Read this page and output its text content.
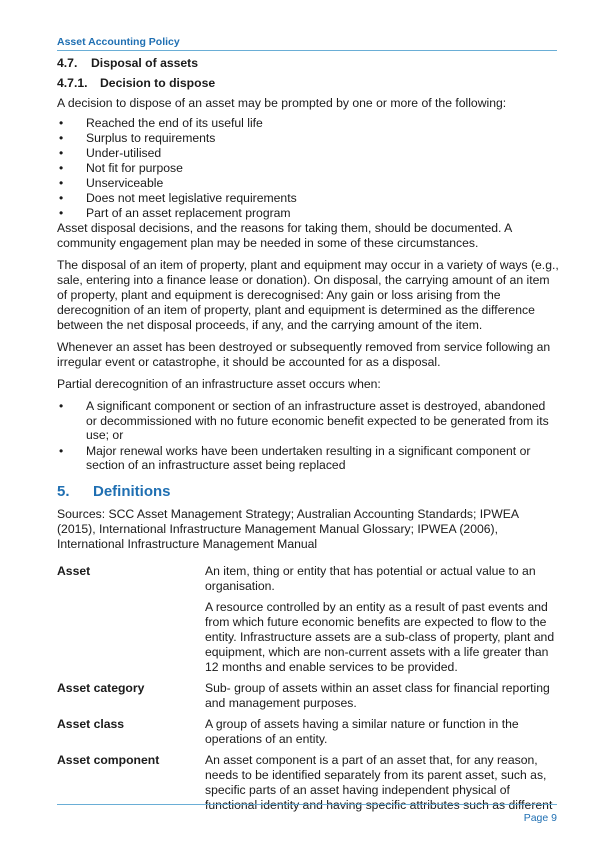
Asset Accounting Policy
4.7. Disposal of assets
4.7.1. Decision to dispose

A decision to dispose of an asset may be prompted by one or more of the following:

• Reached the end of its useful life
• Surplus to requirements
• Under-utilised
• Not fit for purpose
• Unserviceable
• Does not meet legislative requirements
• Part of an asset replacement program

Asset disposal decisions, and the reasons for taking them, should be documented. A community engagement plan may be needed in some of these circumstances.

The disposal of an item of property, plant and equipment may occur in a variety of ways (e.g., sale, entering into a finance lease or donation). On disposal, the carrying amount of an item of property, plant and equipment is derecognised: Any gain or loss arising from the derecognition of an item of property, plant and equipment is determined as the difference between the net disposal proceeds, if any, and the carrying amount of the item.

Whenever an asset has been destroyed or subsequently removed from service following an irregular event or catastrophe, it should be accounted for as a disposal.

Partial derecognition of an infrastructure asset occurs when:

• A significant component or section of an infrastructure asset is destroyed, abandoned or decommissioned with no future economic benefit expected to be generated from its use; or
• Major renewal works have been undertaken resulting in a significant component or section of an infrastructure asset being replaced
5. Definitions

Sources: SCC Asset Management Strategy; Australian Accounting Standards; IPWEA (2015), International Infrastructure Management Manual Glossary; IPWEA (2006), International Infrastructure Management Manual

Asset	An item, thing or entity that has potential or actual value to an organisation.
	A resource controlled by an entity as a result of past events and from which future economic benefits are expected to flow to the entity. Infrastructure assets are a sub-class of property, plant and equipment, which are non-current assets with a life greater than 12 months and enable services to be provided.
Asset category	Sub- group of assets within an asset class for financial reporting and management purposes.
Asset class	A group of assets having a similar nature or function in the operations of an entity.
Asset component	An asset component is a part of an asset that, for any reason, needs to be identified separately from its parent asset, such as, specific parts of an asset having independent physical of functional identity and having specific attributes such as different
Page 9
